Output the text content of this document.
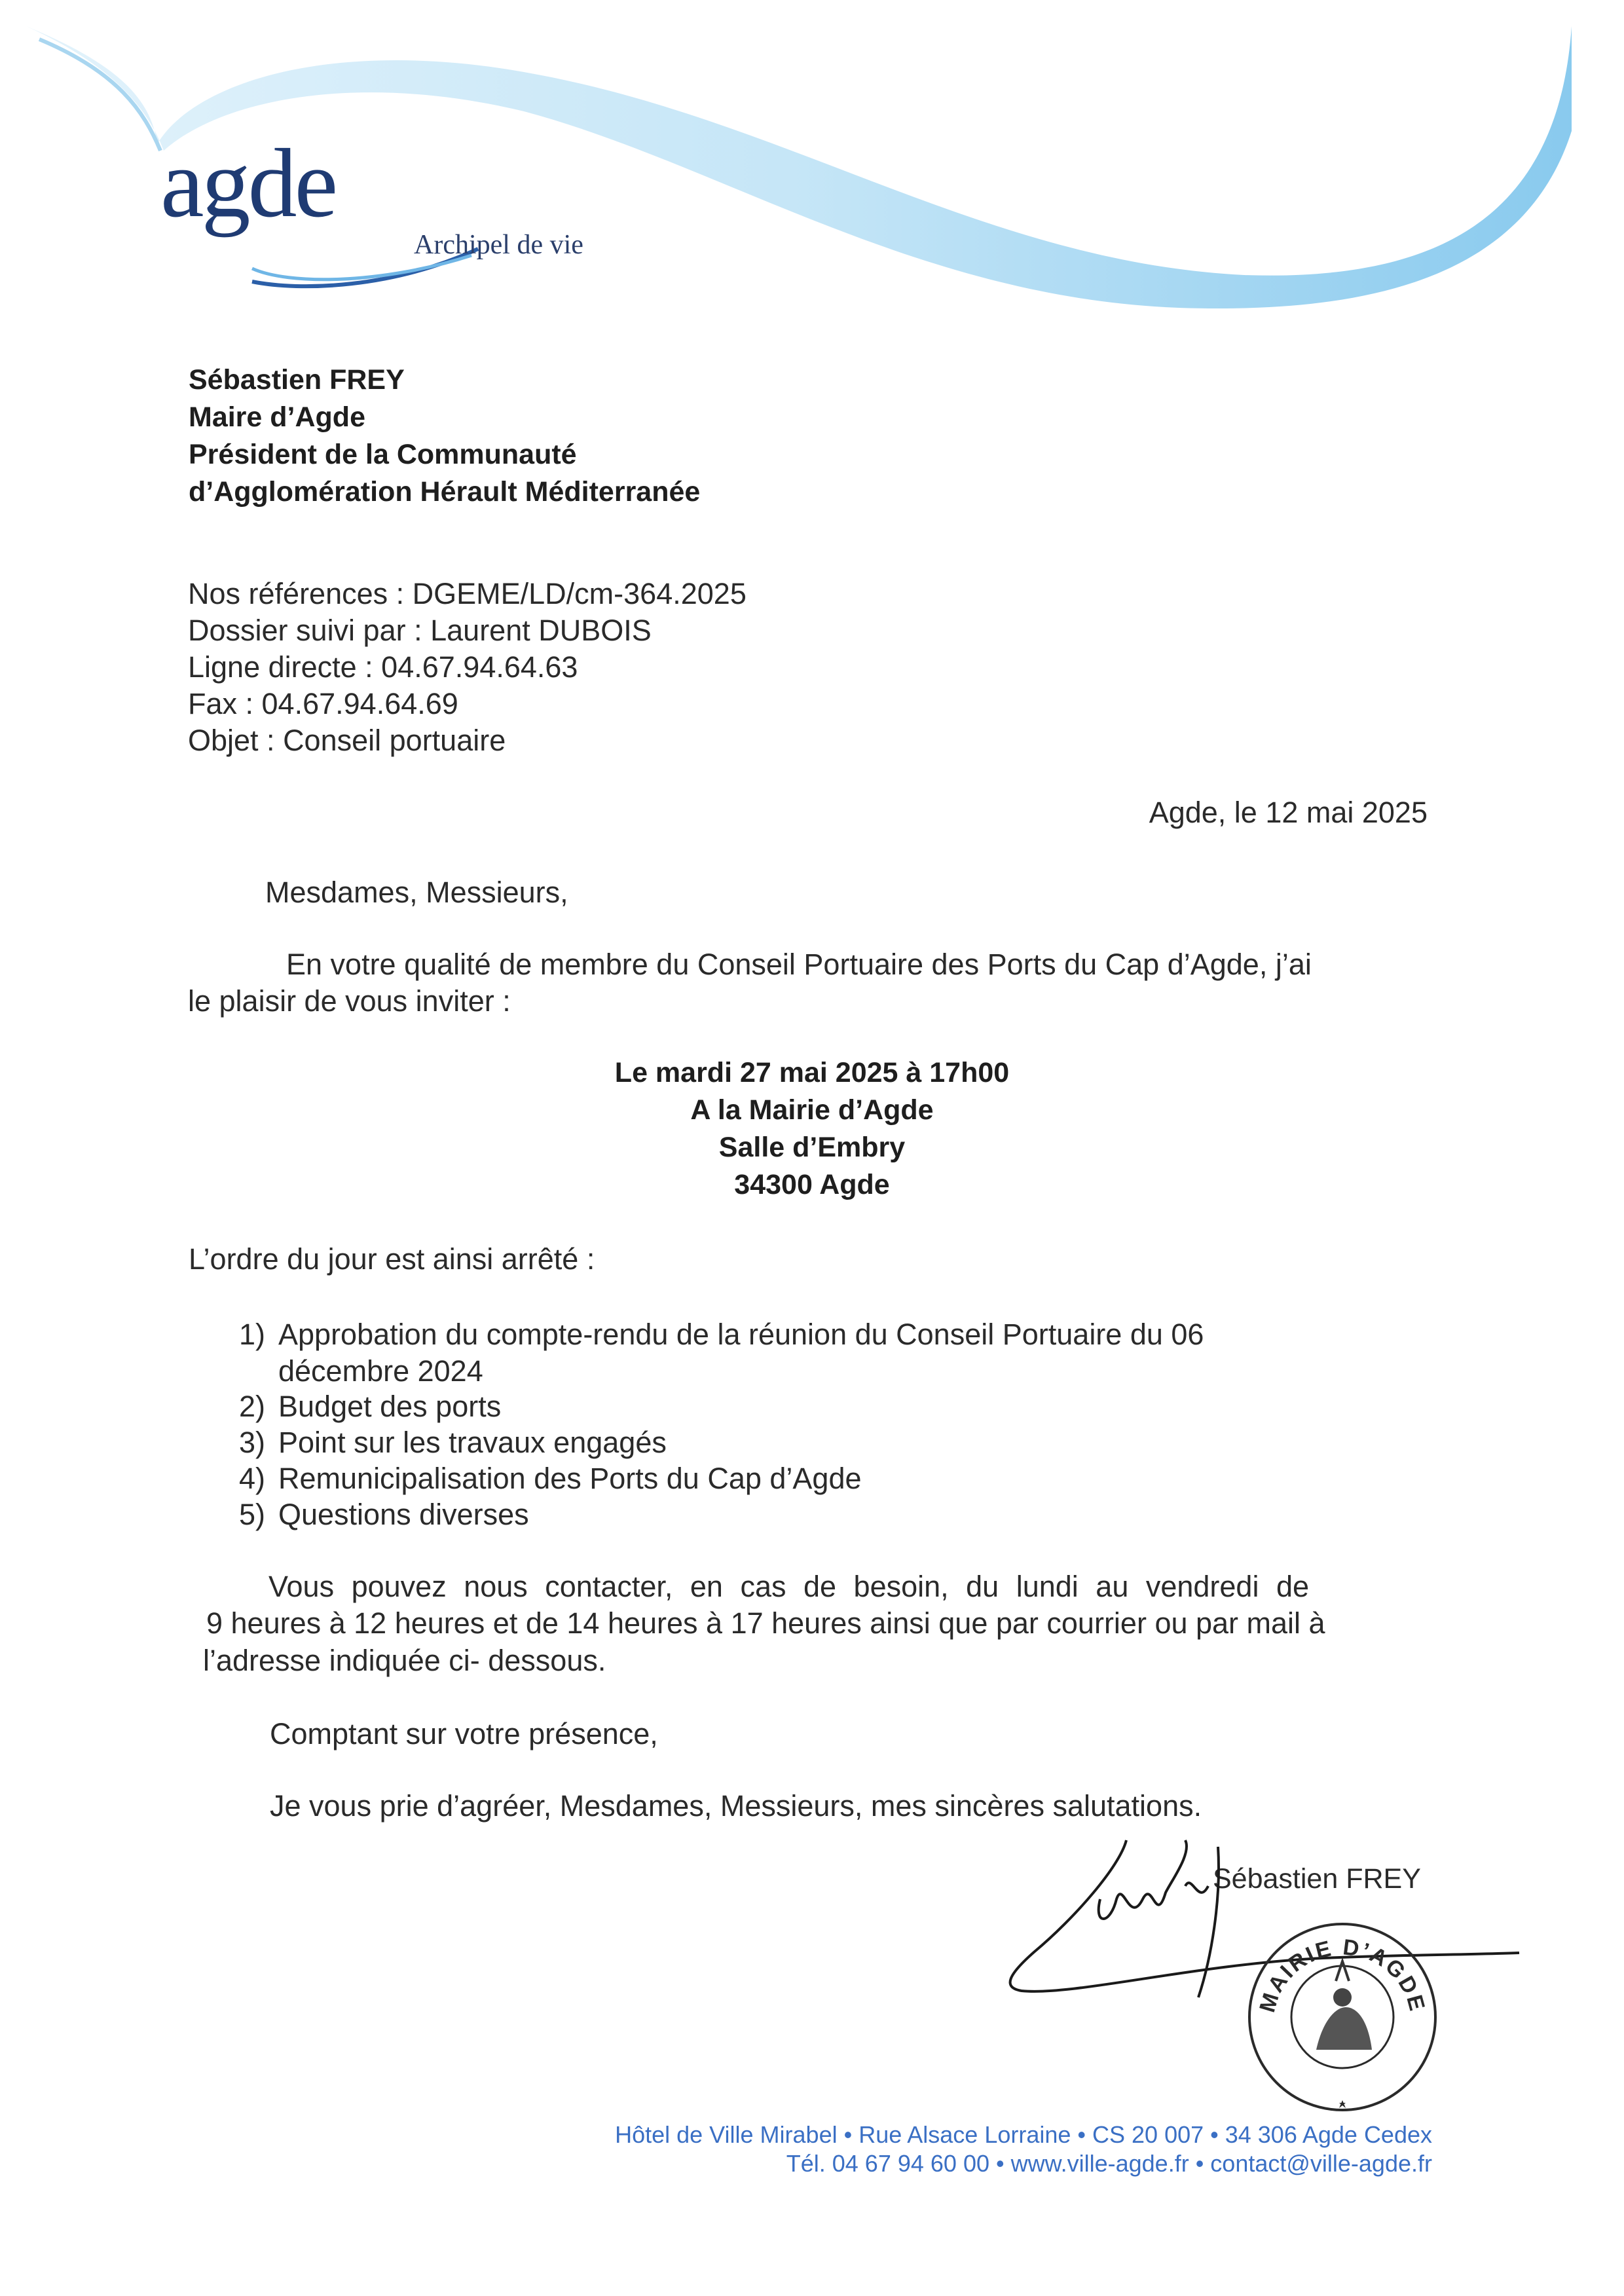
agde
Archipel de vie
Sébastien FREY
Maire d’Agde
Président de la Communauté
d’Agglomération Hérault Méditerranée
Nos références : DGEME/LD/cm-364.2025
Dossier suivi par : Laurent DUBOIS
Ligne directe : 04.67.94.64.63
Fax : 04.67.94.64.69
Objet : Conseil portuaire
Agde, le 12 mai 2025
Mesdames, Messieurs,
En votre qualité de membre du Conseil Portuaire des Ports du Cap d’Agde, j’ai
le plaisir de vous inviter :
Le mardi 27 mai 2025 à 17h00
A la Mairie d’Agde
Salle d’Embry
34300 Agde
L’ordre du jour est ainsi arrêté :
1) Approbation du compte-rendu de la réunion du Conseil Portuaire du 06
décembre 2024
2) Budget des ports
3) Point sur les travaux engagés
4) Remunicipalisation des Ports du Cap d’Agde
5) Questions diverses
Vous pouvez nous contacter, en cas de besoin, du lundi au vendredi de
9 heures à 12 heures et de 14 heures à 17 heures ainsi que par courrier ou par mail à
l’adresse indiquée ci- dessous.
Comptant sur votre présence,
Je vous prie d’agréer, Mesdames, Messieurs, mes sincères salutations.
Sébastien FREY
MAIRIE D’AGDE
Hôtel de Ville Mirabel • Rue Alsace Lorraine • CS 20 007 • 34 306 Agde Cedex
Tél. 04 67 94 60 00 • www.ville-agde.fr • contact@ville-agde.fr
